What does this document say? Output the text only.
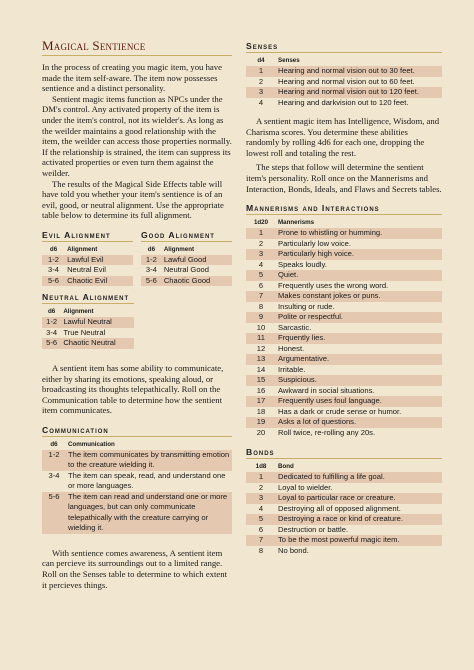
Magical Sentience

In the process of creating you magic item, you have made the item self-aware. The item now possesses sentience and a distinct personality.

Sentient magic items function as NPCs under the DM's control. Any activated property of the item is under the item's control, not its wielder's. As long as the weilder maintains a good relationship with the item, the weilder can access those properties normally. If the relationship is strained, the item can suppress its activated properties or even turn them against the weilder.

The results of the Magical Side Effects table will have told you whether your item's sentience is of an evil, good, or neutral alignment. Use the appropriate table below to determine its full alignment.

Evil Alignment
d6	Alignment
1-2	Lawful Evil
3-4	Neutral Evil
5-6	Chaotic Evil
Good Alignment
d6	Alignment
1-2	Lawful Good
3-4	Neutral Good
5-6	Chaotic Good
Neutral Alignment
d6	Alignment
1-2	Lawful Neutral
3-4	True Neutral
5-6	Chaotic Neutral

A sentient item has some ability to communicate, either by sharing its emotions, speaking aloud, or broadcasting its thoughts telepathically. Roll on the Communication table to determine how the sentient item communicates.

Communication
d6	Communication
1-2	The item communicates by transmitting emotion to the creature wielding it.
3-4	The item can speak, read, and understand one or more languages.
5-6	The item can read and understand one or more languages, but can only communicate telepathically with the creature carrying or wielding it.

With sentience comes awareness, A sentient item can percieve its surroundings out to a limited range. Roll on the Senses table to determine to which extent it percieves things.

Senses
d4	Senses
1	Hearing and normal vision out to 30 feet.
2	Hearing and normal vision out to 60 feet.
3	Hearing and normal vision out to 120 feet.
4	Hearing and darkvision out to 120 feet.

A sentient magic item has Intelligence, Wisdom, and Charisma scores. You determine these abilities randomly by rolling 4d6 for each one, dropping the lowest roll and totaling the rest.

The steps that follow will determine the sentient item's personality. Roll once on the Mannerisms and Interaction, Bonds, Ideals, and Flaws and Secrets tables.

Mannerisms and Interactions
1d20	Mannerisms
1	Prone to whistling or humming.
2	Particularly low voice.
3	Particularly high voice.
4	Speaks loudly.
5	Quiet.
6	Frequently uses the wrong word.
7	Makes constant jokes or puns.
8	Insulting or rude.
9	Polite or respectful.
10	Sarcastic.
11	Frquently lies.
12	Honest.
13	Argumentative.
14	Irritable.
15	Suspicious.
16	Awkward in social situations.
17	Frequently uses foul language.
18	Has a dark or crude sense or humor.
19	Asks a lot of questions.
20	Roll twice, re-rolling any 20s.
Bonds
1d8	Bond
1	Dedicated to fulfilling a life goal.
2	Loyal to wielder.
3	Loyal to particular race or creature.
4	Destroying all of opposed alignment.
5	Destroying a race or kind of creature.
6	Destruction or battle.
7	To be the most powerful magic item.
8	No bond.
